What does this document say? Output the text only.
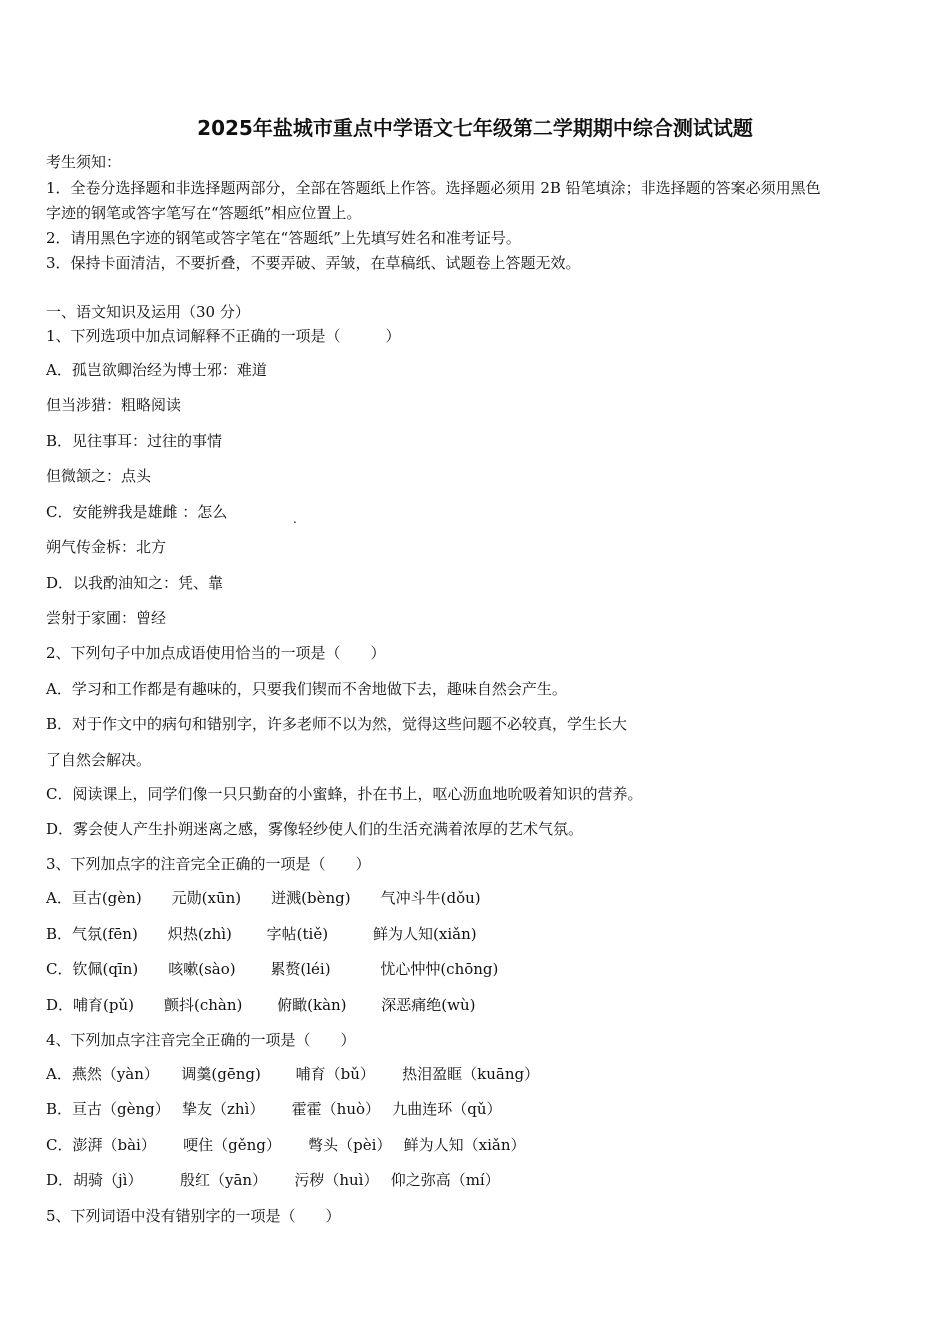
2025年盐城市重点中学语文七年级第二学期期中综合测试试题
考生须知：
1．全卷分选择题和非选择题两部分，全部在答题纸上作答。选择题必须用 2B 铅笔填涂；非选择题的答案必须用黑色
字迹的钢笔或答字笔写在“答题纸”相应位置上。
2．请用黑色字迹的钢笔或答字笔在“答题纸”上先填写姓名和准考证号。
3．保持卡面清洁，不要折叠，不要弄破、弄皱，在草稿纸、试题卷上答题无效。
一、语文知识及运用（30 分）
1、下列选项中加点词解释不正确的一项是（　　　）
A．孤岂欲卿治经为博士邪：难道
但当涉猎：粗略阅读
B．见往事耳：过往的事情
但微颔之：点头
C．安能辨我是雄雌 ：怎么	.
朔气传金柝：北方
D．以我酌油知之：凭、靠
尝射于家圃：曾经
2、下列句子中加点成语使用恰当的一项是（　　）
A．学习和工作都是有趣味的，只要我们锲而不舍地做下去，趣味自然会产生。
B．对于作文中的病句和错别字，许多老师不以为然，觉得这些问题不必较真，学生长大
了自然会解决。
C．阅读课上，同学们像一只只勤奋的小蜜蜂，扑在书上，呕心沥血地吮吸着知识的营养。
D．雾会使人产生扑朔迷离之感，雾像轻纱使人们的生活充满着浓厚的艺术气氛。
3、下列加点字的注音完全正确的一项是（　　）
A．亘古(gèn)　　元勋(xūn)　　迸溅(bèng)　　气冲斗牛(dǒu)
B．气氛(fēn)　　炽热(zhì)　　 字帖(tiě)　　　鲜为人知(xiǎn)
C．钦佩(qīn)　　咳嗽(sào)　　 累赘(léi)　　　 忧心忡忡(chōng)
D．哺育(pǔ)　　颤抖(chàn)　　 俯瞰(kàn)　　 深恶痛绝(wù)
4、下列加点字注音完全正确的一项是（　　）
A．燕然（yàn）　　调羹(gēng)　　 哺育（bǔ）　　 热泪盈眶（kuāng）
B．亘古（gèng）　 挚友（zhì）　　 霍霍（huò）　 九曲连环（qǔ）
C．澎湃（bài）　　 哽住（gěng）　　 彆头（pèi）　 鲜为人知（xiǎn）
D．胡骑（jì）　　　殷红（yān）　　 污秽（huì）　 仰之弥高（mí）
5、下列词语中没有错别字的一项是（　　）
